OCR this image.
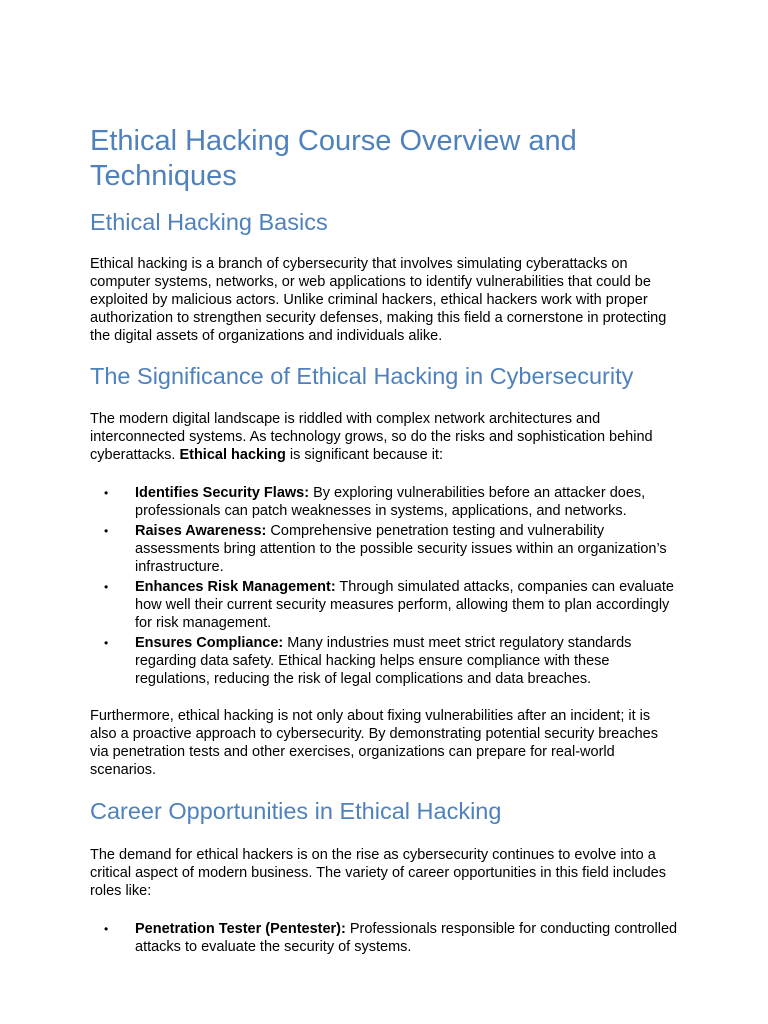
Ethical Hacking Course Overview and Techniques
Ethical Hacking Basics

Ethical hacking is a branch of cybersecurity that involves simulating cyberattacks on computer systems, networks, or web applications to identify vulnerabilities that could be exploited by malicious actors. Unlike criminal hackers, ethical hackers work with proper authorization to strengthen security defenses, making this field a cornerstone in protecting the digital assets of organizations and individuals alike.

The Significance of Ethical Hacking in Cybersecurity

The modern digital landscape is riddled with complex network architectures and interconnected systems. As technology grows, so do the risks and sophistication behind cyberattacks. Ethical hacking is significant because it:

• Identifies Security Flaws: By exploring vulnerabilities before an attacker does, professionals can patch weaknesses in systems, applications, and networks.
• Raises Awareness: Comprehensive penetration testing and vulnerability assessments bring attention to the possible security issues within an organization’s infrastructure.
• Enhances Risk Management: Through simulated attacks, companies can evaluate how well their current security measures perform, allowing them to plan accordingly for risk management.
• Ensures Compliance: Many industries must meet strict regulatory standards regarding data safety. Ethical hacking helps ensure compliance with these regulations, reducing the risk of legal complications and data breaches.

Furthermore, ethical hacking is not only about fixing vulnerabilities after an incident; it is also a proactive approach to cybersecurity. By demonstrating potential security breaches via penetration tests and other exercises, organizations can prepare for real-world scenarios.

Career Opportunities in Ethical Hacking

The demand for ethical hackers is on the rise as cybersecurity continues to evolve into a critical aspect of modern business. The variety of career opportunities in this field includes roles like:

• Penetration Tester (Pentester): Professionals responsible for conducting controlled attacks to evaluate the security of systems.
